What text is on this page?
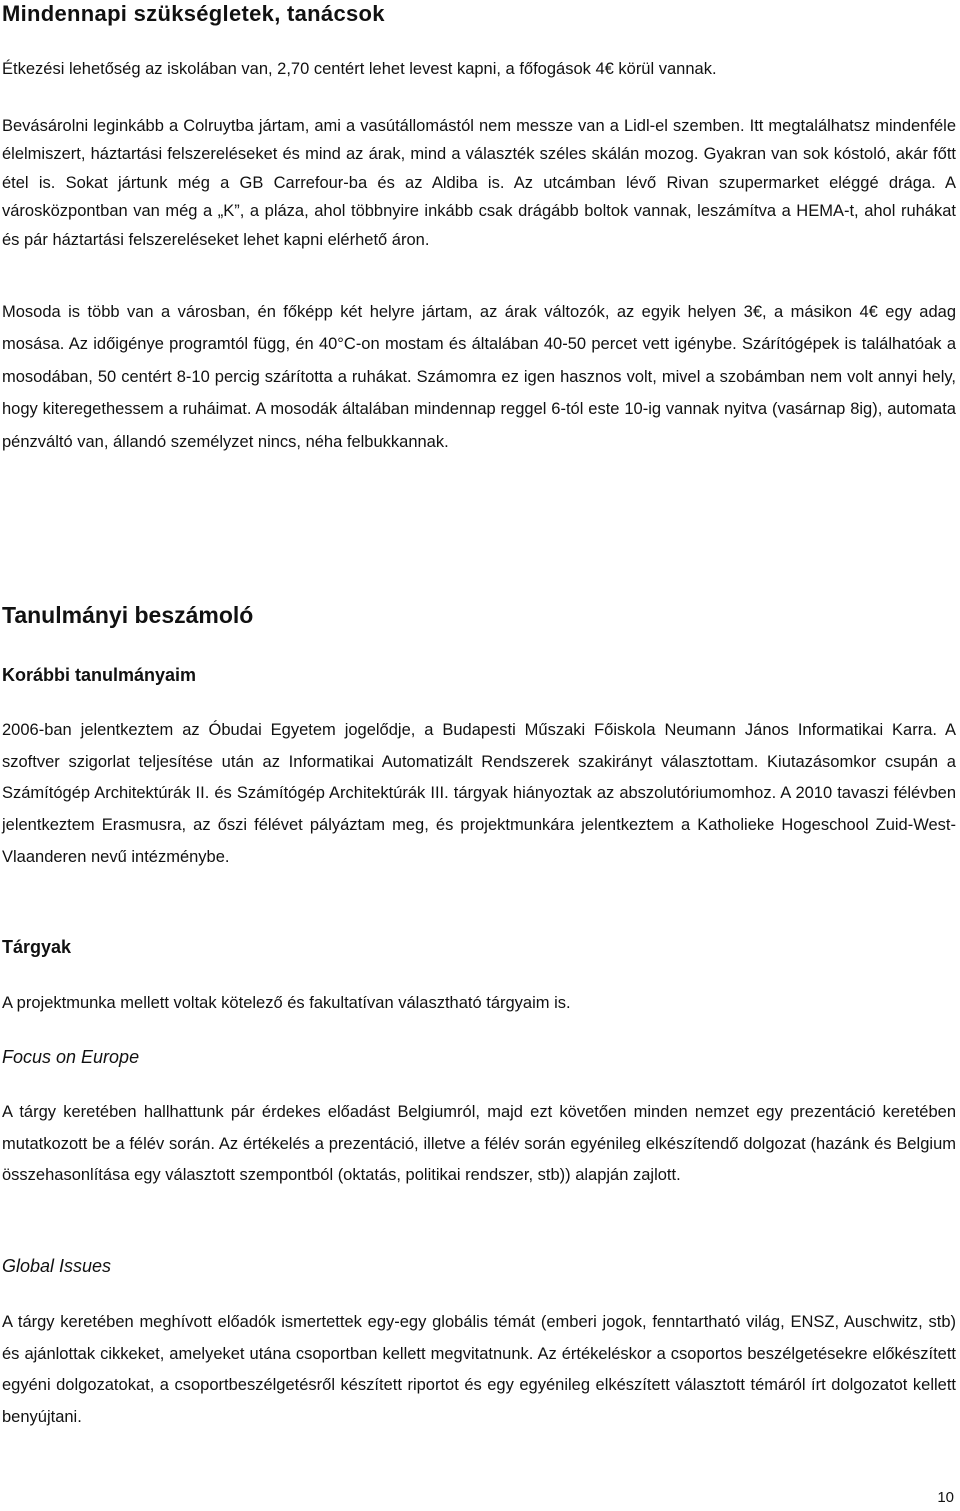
Mindennapi szükségletek, tanácsok

Étkezési lehetőség az iskolában van, 2,70 centért lehet levest kapni, a főfogások 4€ körül vannak.

Bevásárolni leginkább a Colruytba jártam, ami a vasútállomástól nem messze van a Lidl-el szemben. Itt megtalálhatsz mindenféle élelmiszert, háztartási felszereléseket és mind az árak, mind a választék széles skálán mozog. Gyakran van sok kóstoló, akár főtt étel is. Sokat jártunk még a GB Carrefour-ba és az Aldiba is. Az utcámban lévő Rivan szupermarket eléggé drága. A városközpontban van még a „K”, a pláza, ahol többnyire inkább csak drágább boltok vannak, leszámítva a HEMA-t, ahol ruhákat és pár háztartási felszereléseket lehet kapni elérhető áron.

Mosoda is több van a városban, én főképp két helyre jártam, az árak változók, az egyik helyen 3€, a másikon 4€ egy adag mosása. Az időigénye programtól függ, én 40°C-on mostam és általában 40-50 percet vett igénybe. Szárítógépek is találhatóak a mosodában, 50 centért 8-10 percig szárította a ruhákat. Számomra ez igen hasznos volt, mivel a szobámban nem volt annyi hely, hogy kiteregethessem a ruháimat. A mosodák általában mindennap reggel 6-tól este 10-ig vannak nyitva (vasárnap 8ig), automata pénzváltó van, állandó személyzet nincs, néha felbukkannak.

Tanulmányi beszámoló
Korábbi tanulmányaim

2006-ban jelentkeztem az Óbudai Egyetem jogelődje, a Budapesti Műszaki Főiskola Neumann János Informatikai Karra. A szoftver szigorlat teljesítése után az Informatikai Automatizált Rendszerek szakirányt választottam. Kiutazásomkor csupán a Számítógép Architektúrák II. és Számítógép Architektúrák III. tárgyak hiányoztak az abszolutóriumomhoz. A 2010 tavaszi félévben jelentkeztem Erasmusra, az őszi félévet pályáztam meg, és projektmunkára jelentkeztem a Katholieke Hogeschool Zuid-West-Vlaanderen nevű intézménybe.

Tárgyak

A projektmunka mellett voltak kötelező és fakultatívan választható tárgyaim is.

Focus on Europe

A tárgy keretében hallhattunk pár érdekes előadást Belgiumról, majd ezt követően minden nemzet egy prezentáció keretében mutatkozott be a félév során. Az értékelés a prezentáció, illetve a félév során egyénileg elkészítendő dolgozat (hazánk és Belgium összehasonlítása egy választott szempontból (oktatás, politikai rendszer, stb)) alapján zajlott.

Global Issues

A tárgy keretében meghívott előadók ismertettek egy-egy globális témát (emberi jogok, fenntartható világ, ENSZ, Auschwitz, stb) és ajánlottak cikkeket, amelyeket utána csoportban kellett megvitatnunk. Az értékeléskor a csoportos beszélgetésekre előkészített egyéni dolgozatokat, a csoportbeszélgetésről készített riportot és egy egyénileg elkészített választott témáról írt dolgozatot kellett benyújtani.

10
